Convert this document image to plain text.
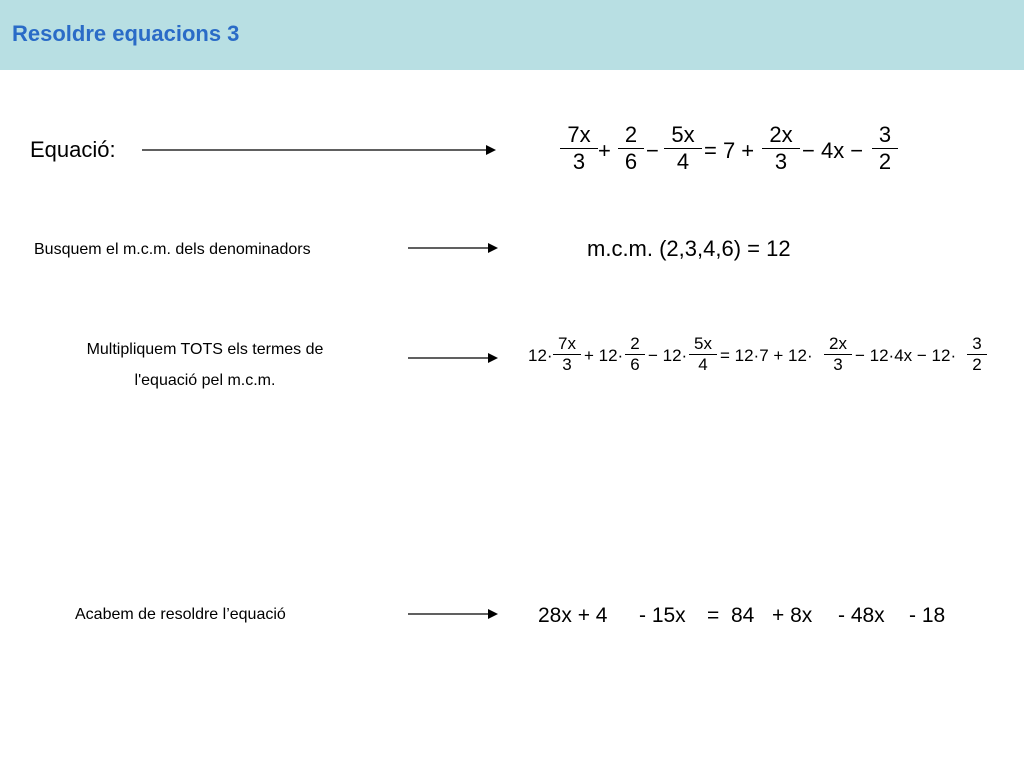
Resoldre equacions 3
Equació:
7x
3 +
2
6 −
5x
4 = 7 +
2x
3 − 4x −
3
2
Busquem el m.c.m. dels denominadors	m.c.m. (2,3,4,6) = 12
Multipliquem TOTS els termes de
l'equació pel m.c.m.
12·
7x
3 + 12·
2
6 − 12·
5x
4 = 12·7 + 12·
2x
3 − 12·4x − 12·
3
2
Acabem de resoldre l’equació	28x + 4 - 15x = 84 + 8x - 48x - 18
